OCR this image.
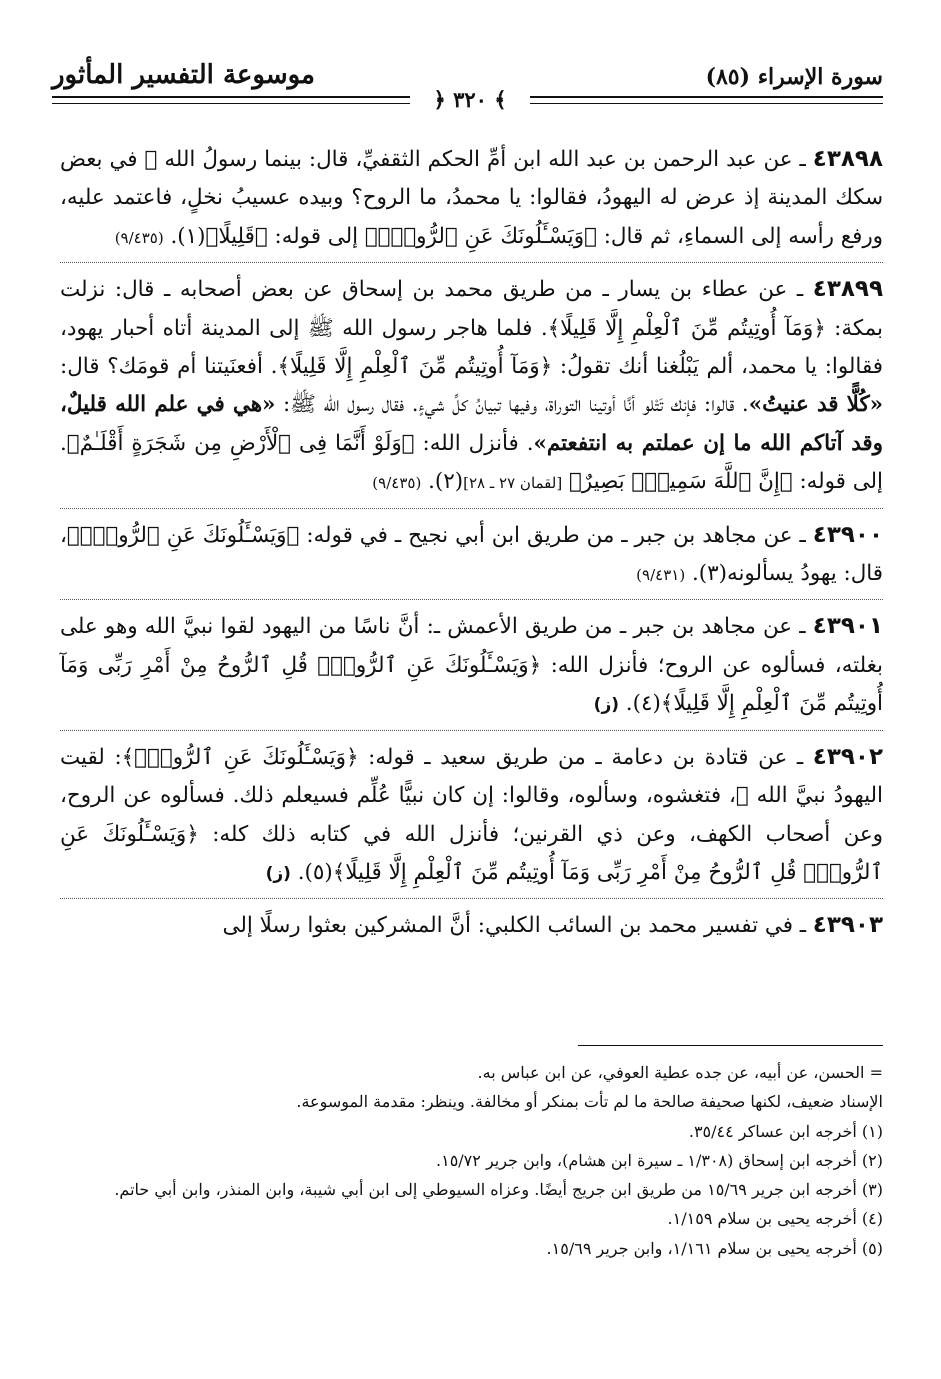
سورة الإسراء (٨٥)
موسوعة التفسير المأثور
﴾ ٣٢٠ ﴿

٤٣٨٩٨ ـ عن عبد الرحمن بن عبد الله ابن أمِّ الحكم الثقفيِّ، قال: بينما رسولُ الله ﷺ في بعض سكك المدينة إذ عرض له اليهودُ، فقالوا: يا محمدُ، ما الروح؟ وبيده عسيبُ نخلٍ، فاعتمد عليه، ورفع رأسه إلى السماءِ، ثم قال: ﴿وَيَسْـَٔلُونَكَ عَنِ ٱلرُّوحِۖ﴾ إلى قوله: ﴿قَلِيلًا﴾(١). (٩/٤٣٥)

٤٣٨٩٩ ـ عن عطاء بن يسار ـ من طريق محمد بن إسحاق عن بعض أصحابه ـ قال: نزلت بمكة: ﴿وَمَآ أُوتِيتُم مِّنَ ٱلْعِلْمِ إِلَّا قَلِيلًا﴾. فلما هاجر رسول الله ﷺ إلى المدينة أتاه أحبار يهود، فقالوا: يا محمد، ألم يَبْلُغنا أنك تقولُ: ﴿وَمَآ أُوتِيتُم مِّنَ ٱلْعِلْمِ إِلَّا قَلِيلًا﴾. أفعنَيتنا أم قومَك؟ قال: «كُلًّا قد عنيتُ». قالوا: فإنك تَتْلو أنَّا أوتينا التوراة، وفيها تبيانُ كلِّ شيءٍ. فقال رسول الله ﷺ: «هي في علم الله قليلٌ، وقد آتاكم الله ما إن عملتم به انتفعتم». فأنزل الله: ﴿وَلَوْ أَنَّمَا فِى ٱلْأَرْضِ مِن شَجَرَةٍ أَقْلَـٰمٌ﴾. إلى قوله: ﴿إِنَّ ٱللَّهَ سَمِيعٌۢ بَصِيرٌ﴾ [لقمان ٢٧ ـ ٢٨](٢). (٩/٤٣٥)

٤٣٩٠٠ ـ عن مجاهد بن جبر ـ من طريق ابن أبي نجيح ـ في قوله: ﴿وَيَسْـَٔلُونَكَ عَنِ ٱلرُّوحِۖ﴾، قال: يهودُ يسألونه(٣). (٩/٤٣١)

٤٣٩٠١ ـ عن مجاهد بن جبر ـ من طريق الأعمش ـ: أنَّ ناسًا من اليهود لقوا نبيَّ الله وهو على بغلته، فسألوه عن الروح؛ فأنزل الله: ﴿وَيَسْـَٔلُونَكَ عَنِ ٱلرُّوحِۖ قُلِ ٱلرُّوحُ مِنْ أَمْرِ رَبِّى وَمَآ أُوتِيتُم مِّنَ ٱلْعِلْمِ إِلَّا قَلِيلًا﴾(٤). (ز)

٤٣٩٠٢ ـ عن قتادة بن دعامة ـ من طريق سعيد ـ قوله: ﴿وَيَسْـَٔلُونَكَ عَنِ ٱلرُّوحِۖ﴾: لقيت اليهودُ نبيَّ الله ﷺ، فتغشوه، وسألوه، وقالوا: إن كان نبيًّا عُلِّم فسيعلم ذلك. فسألوه عن الروح، وعن أصحاب الكهف، وعن ذي القرنين؛ فأنزل الله في كتابه ذلك كله: ﴿وَيَسْـَٔلُونَكَ عَنِ ٱلرُّوحِۖ قُلِ ٱلرُّوحُ مِنْ أَمْرِ رَبِّى وَمَآ أُوتِيتُم مِّنَ ٱلْعِلْمِ إِلَّا قَلِيلًا﴾(٥). (ز)

٤٣٩٠٣ ـ في تفسير محمد بن السائب الكلبي: أنَّ المشركين بعثوا رسلًا إلى

= الحسن، عن أبيه، عن جده عطية العوفي، عن ابن عباس به.

الإسناد ضعيف، لكنها صحيفة صالحة ما لم تأت بمنكر أو مخالفة. وينظر: مقدمة الموسوعة.

(١) أخرجه ابن عساكر ٣٥/٤٤.

(٢) أخرجه ابن إسحاق (١/٣٠٨ ـ سيرة ابن هشام)، وابن جرير ١٥/٧٢.

(٣) أخرجه ابن جرير ١٥/٦٩ من طريق ابن جريج أيضًا. وعزاه السيوطي إلى ابن أبي شيبة، وابن المنذر، وابن أبي حاتم.

(٤) أخرجه يحيى بن سلام ١/١٥٩.

(٥) أخرجه يحيى بن سلام ١/١٦١، وابن جرير ١٥/٦٩.
